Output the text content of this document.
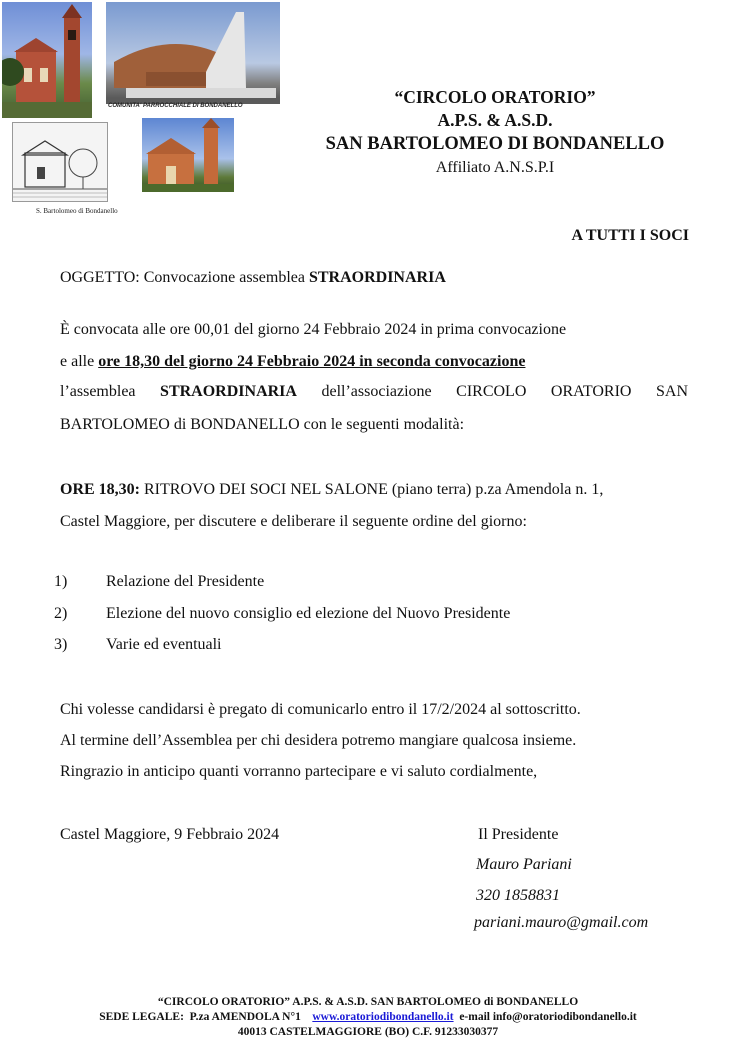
COMUNITA' PARROCCHIALE DI BONDANELLO
S. Bartolomeo di Bondanello
“CIRCOLO ORATORIO”
A.P.S. & A.S.D.
SAN BARTOLOMEO DI BONDANELLO
Affiliato A.N.S.P.I
A TUTTI I SOCI
OGGETTO: Convocazione assemblea STRAORDINARIA
È convocata alle ore 00,01 del giorno 24 Febbraio 2024 in prima convocazione
e alle ore 18,30 del giorno 24 Febbraio 2024 in seconda convocazione
l’assemblea STRAORDINARIA dell’associazione CIRCOLO ORATORIO SAN
BARTOLOMEO di BONDANELLO con le seguenti modalità:
ORE 18,30: RITROVO DEI SOCI NEL SALONE (piano terra) p.za Amendola n. 1,
Castel Maggiore, per discutere e deliberare il seguente ordine del giorno:
1) Relazione del Presidente
2) Elezione del nuovo consiglio ed elezione del Nuovo Presidente
3) Varie ed eventuali
Chi volesse candidarsi è pregato di comunicarlo entro il 17/2/2024 al sottoscritto.
Al termine dell’Assemblea per chi desidera potremo mangiare qualcosa insieme.
Ringrazio in anticipo quanti vorranno partecipare e vi saluto cordialmente,
Castel Maggiore, 9 Febbraio 2024	Il Presidente
Mauro Pariani
320 1858831
pariani.mauro@gmail.com
“CIRCOLO ORATORIO” A.P.S. & A.S.D. SAN BARTOLOMEO di BONDANELLO
SEDE LEGALE:  P.za AMENDOLA N°1    www.oratoriodibondanello.it  e-mail info@oratoriodibondanello.it
40013 CASTELMAGGIORE (BO) C.F. 91233030377
